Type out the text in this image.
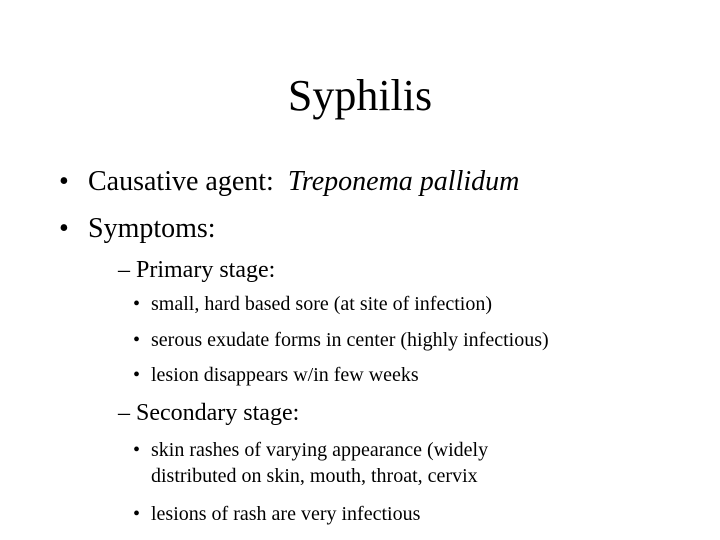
Syphilis
• Causative agent: Treponema pallidum
• Symptoms:
– Primary stage:
• small, hard based sore (at site of infection)
• serous exudate forms in center (highly infectious)
• lesion disappears w/in few weeks
– Secondary stage:
• skin rashes of varying appearance (widely distributed on skin, mouth, throat, cervix
• lesions of rash are very infectious
